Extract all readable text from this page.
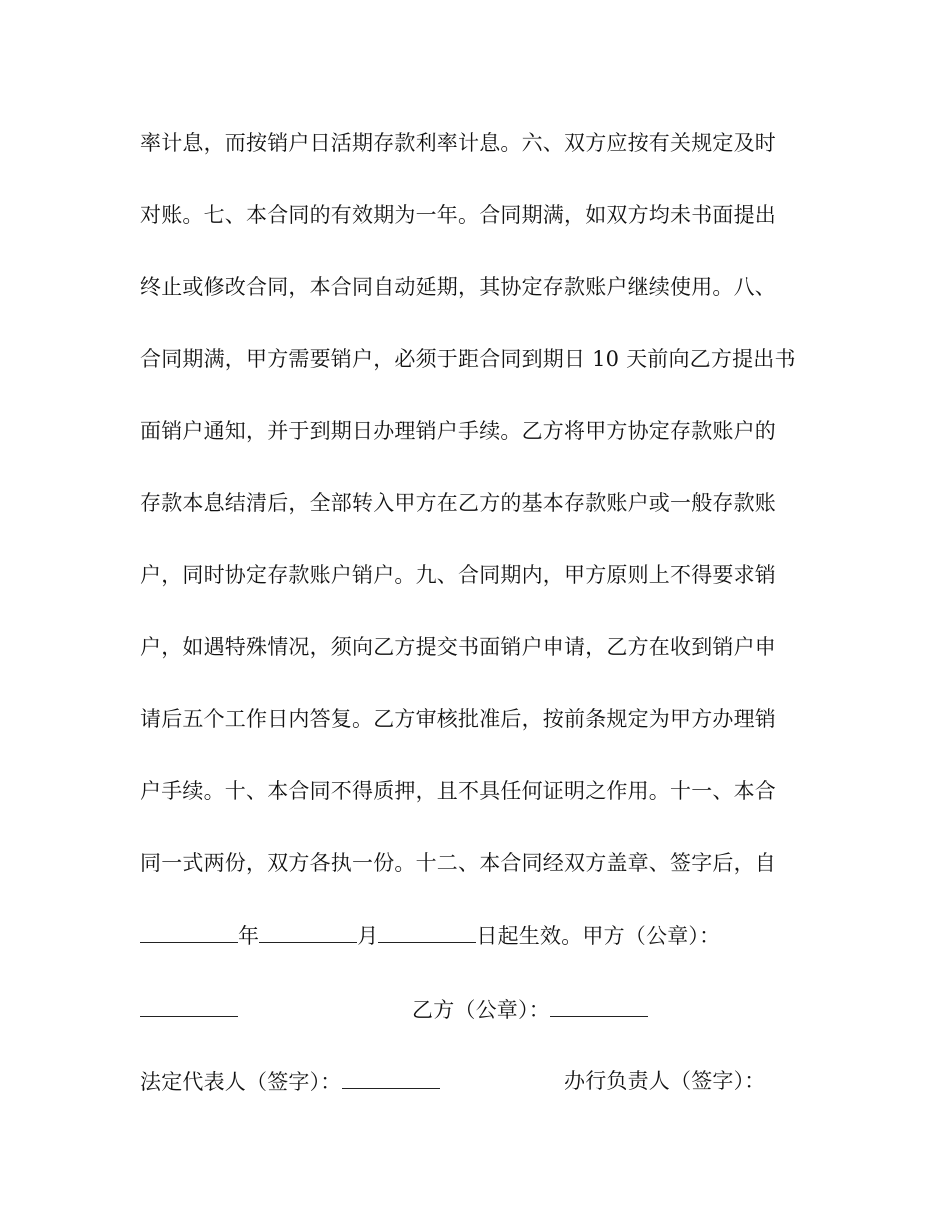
率计息，而按销户日活期存款利率计息。六、双方应按有关规定及时
对账。七、本合同的有效期为一年。合同期满，如双方均未书面提出
终止或修改合同，本合同自动延期，其协定存款账户继续使用。八、
合同期满，甲方需要销户，必须于距合同到期日 10 天前向乙方提出书
面销户通知，并于到期日办理销户手续。乙方将甲方协定存款账户的
存款本息结清后，全部转入甲方在乙方的基本存款账户或一般存款账
户，同时协定存款账户销户。九、合同期内，甲方原则上不得要求销
户，如遇特殊情况，须向乙方提交书面销户申请，乙方在收到销户申
请后五个工作日内答复。乙方审核批准后，按前条规定为甲方办理销
户手续。十、本合同不得质押，且不具任何证明之作用。十一、本合
同一式两份，双方各执一份。十二、本合同经双方盖章、签字后，自
年	月	日起生效。甲方（公章）：
乙方（公章）：
法定代表人（签字）：	办行负责人（签字）：
